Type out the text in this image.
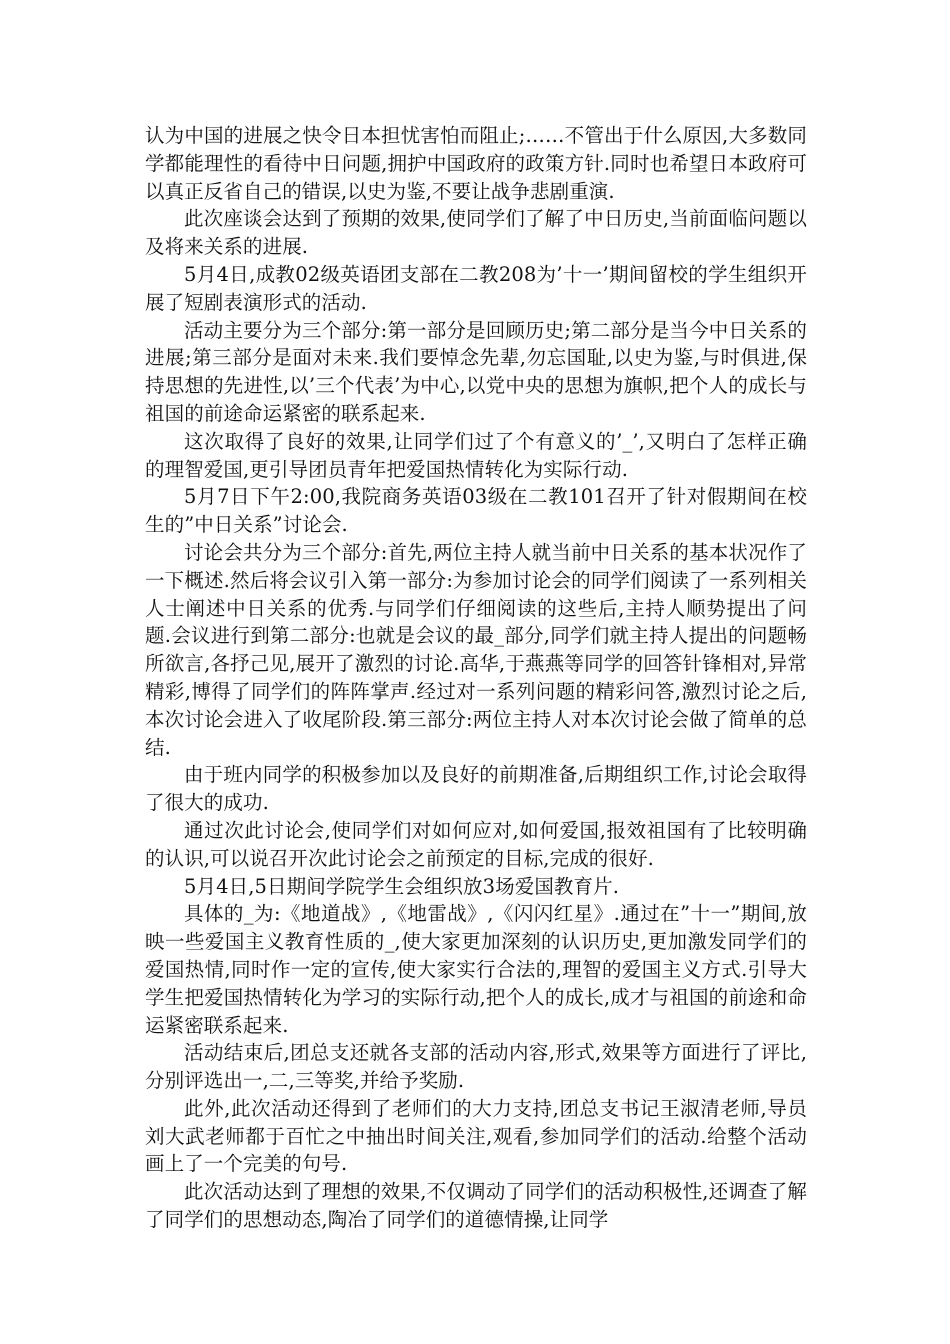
认为中国的进展之快令日本担忧害怕而阻止;……不管出于什么原因,大多数同学都能理性的看待中日问题,拥护中国政府的政策方针.同时也希望日本政府可以真正反省自己的错误,以史为鉴,不要让战争悲剧重演.

此次座谈会达到了预期的效果,使同学们了解了中日历史,当前面临问题以及将来关系的进展.

5月4日,成教02级英语团支部在二教208为’十一’期间留校的学生组织开展了短剧表演形式的活动.

活动主要分为三个部分:第一部分是回顾历史;第二部分是当今中日关系的进展;第三部分是面对未来.我们要悼念先辈,勿忘国耻,以史为鉴,与时俱进,保持思想的先进性,以’三个代表’为中心,以党中央的思想为旗帜,把个人的成长与祖国的前途命运紧密的联系起来.

这次取得了良好的效果,让同学们过了个有意义的’_’,又明白了怎样正确的理智爱国,更引导团员青年把爱国热情转化为实际行动.

5月7日下午2:00,我院商务英语03级在二教101召开了针对假期间在校生的”中日关系”讨论会.

讨论会共分为三个部分:首先,两位主持人就当前中日关系的基本状况作了一下概述.然后将会议引入第一部分:为参加讨论会的同学们阅读了一系列相关人士阐述中日关系的优秀.与同学们仔细阅读的这些后,主持人顺势提出了问题.会议进行到第二部分:也就是会议的最_部分,同学们就主持人提出的问题畅所欲言,各抒己见,展开了激烈的讨论.高华,于燕燕等同学的回答针锋相对,异常精彩,博得了同学们的阵阵掌声.经过对一系列问题的精彩问答,激烈讨论之后,本次讨论会进入了收尾阶段.第三部分:两位主持人对本次讨论会做了简单的总结.

由于班内同学的积极参加以及良好的前期准备,后期组织工作,讨论会取得了很大的成功.

通过次此讨论会,使同学们对如何应对,如何爱国,报效祖国有了比较明确的认识,可以说召开次此讨论会之前预定的目标,完成的很好.

5月4日,5日期间学院学生会组织放3场爱国教育片.

具体的_为:《地道战》,《地雷战》,《闪闪红星》.通过在”十一”期间,放映一些爱国主义教育性质的_,使大家更加深刻的认识历史,更加激发同学们的爱国热情,同时作一定的宣传,使大家实行合法的,理智的爱国主义方式.引导大学生把爱国热情转化为学习的实际行动,把个人的成长,成才与祖国的前途和命运紧密联系起来.

活动结束后,团总支还就各支部的活动内容,形式,效果等方面进行了评比,分别评选出一,二,三等奖,并给予奖励.

此外,此次活动还得到了老师们的大力支持,团总支书记王淑清老师,导员刘大武老师都于百忙之中抽出时间关注,观看,参加同学们的活动.给整个活动画上了一个完美的句号.

此次活动达到了理想的效果,不仅调动了同学们的活动积极性,还调查了解了同学们的思想动态,陶冶了同学们的道德情操,让同学
